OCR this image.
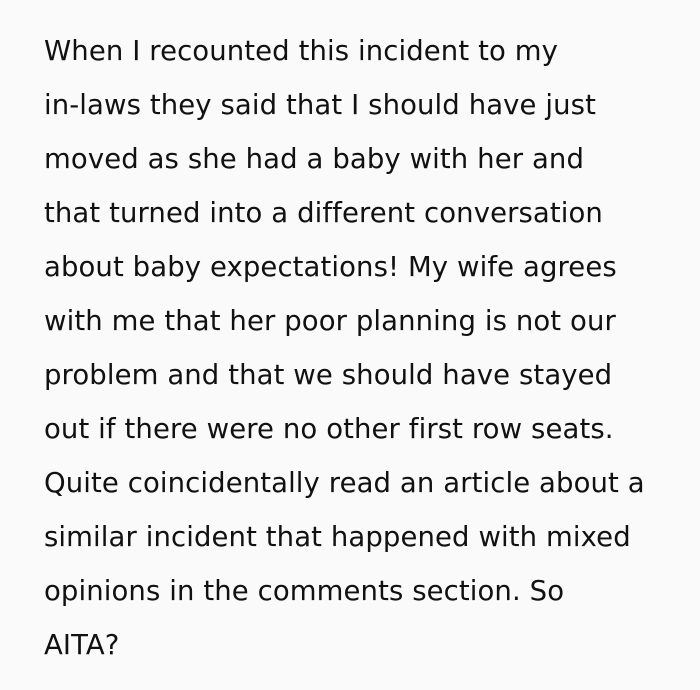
When I recounted this incident to my
in-laws they said that I should have just
moved as she had a baby with her and
that turned into a different conversation
about baby expectations! My wife agrees
with me that her poor planning is not our
problem and that we should have stayed
out if there were no other first row seats.
Quite coincidentally read an article about a
similar incident that happened with mixed
opinions in the comments section. So
AITA?
